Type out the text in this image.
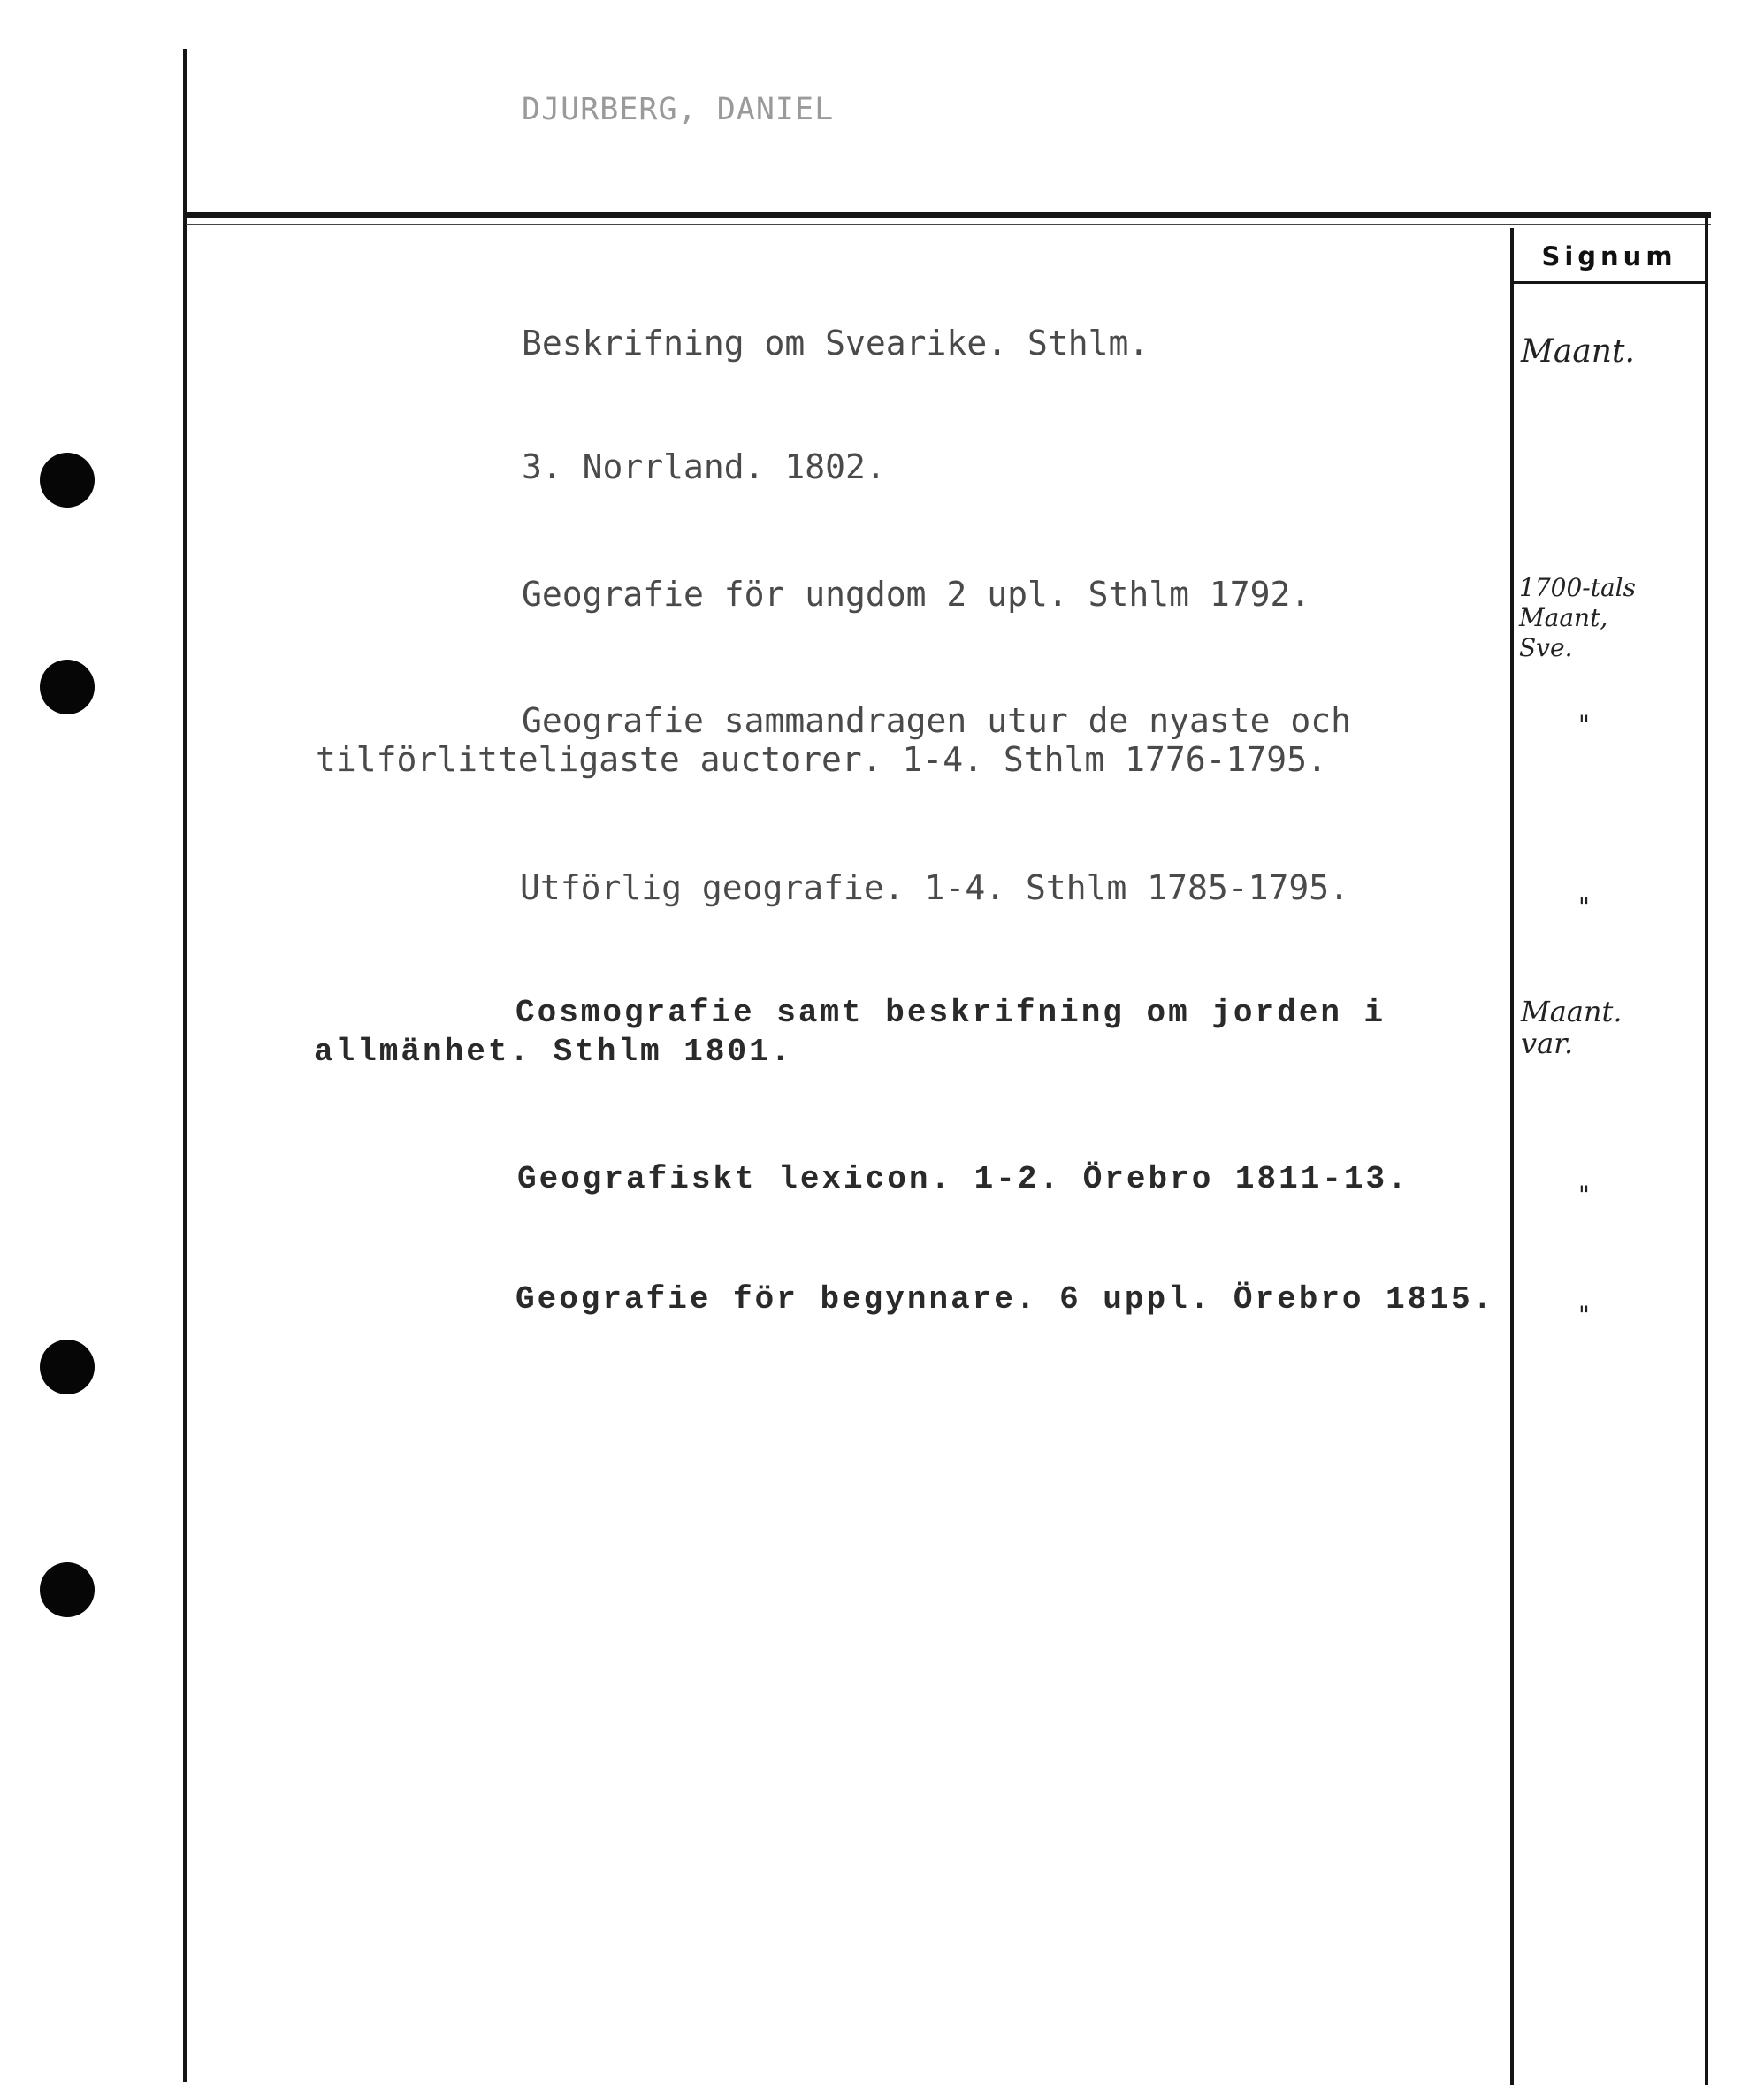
DJURBERG, DANIEL
Signum
Beskrifning om Svearike. Sthlm.
3. Norrland. 1802.
Geografie för ungdom 2 upl. Sthlm 1792.
Geografie sammandragen utur de nyaste och
tilförlitteligaste auctorer. 1-4. Sthlm 1776-1795.
Utförlig geografie. 1-4. Sthlm 1785-1795.
Cosmografie samt beskrifning om jorden i
allmänhet. Sthlm 1801.
Geografiskt lexicon. 1-2. Örebro 1811-13.
Geografie för begynnare. 6 uppl. Örebro 1815.
Maant.
1700-tals
Maant,
Sve.
"
"
Maant.
var.
"
"
